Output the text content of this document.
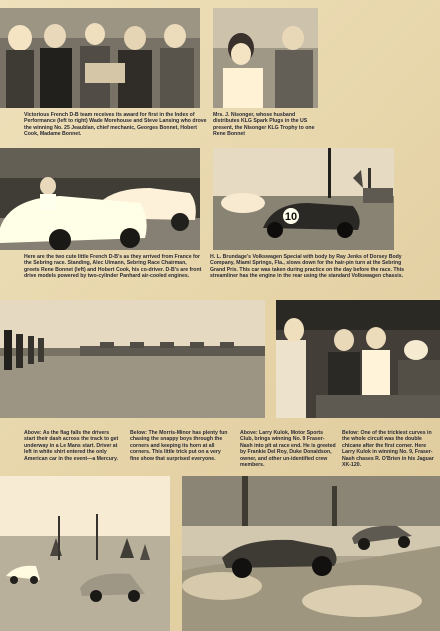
Victorious French D-B team receives its award for first in the Index of Performance (left to right) Wade Morehouse and Steve Lansing who drove the winning No. 25 Jeaublan, chief mechanic, Georges Bonnet, Hobert Cook, Madame Bonnet.

Mrs. J. Nisonger, whose husband distributes KLG Spark Plugs in the US present, the Nisonger KLG Trophy to one Rene Bonnet

10

Here are the two cute little French D-B's as they arrived from France for the Sebring race. Standing, Alec Ulmann, Sebring Race Chairman, greets Rene Bonnet (left) and Hobert Cook, his co-driver. D-B's are front drive models powered by two-cylinder Panhard air-cooled engines.

H. L. Brundage's Volkswagen Special with body by Ray Jenks of Dorsey Body Company, Miami Springs, Fla., slows down for the hair-pin turn at the Sebring Grand Prix. This car was taken during practice on the day before the race. This streamliner has the engine in the rear using the standard Volkswagen chassis.

Above: As the flag falls the drivers start their dash across the track to get underway in a Le Mans start. Driver at left in white shirt entered the only American car in the event—a Mercury.

Below: The Morris-Minor has plenty fun chasing the snappy boys through the corners and keeping its horn at all corners. This little trick put on a very fine show that surprised everyone.

Above: Larry Kulok, Motor Sports Club, brings winning No. 9 Fraser-Nash into pit at race end. He is greeted by Frankie Del Roy, Duke Donaldson, owner, and other un-identified crew members.

Below: One of the trickiest curves in the whole circuit was the double chicane after the first corner. Here Larry Kulok in winning No. 9, Fraser-Nash chases R. O'Brien in his Jaguar XK-120.
